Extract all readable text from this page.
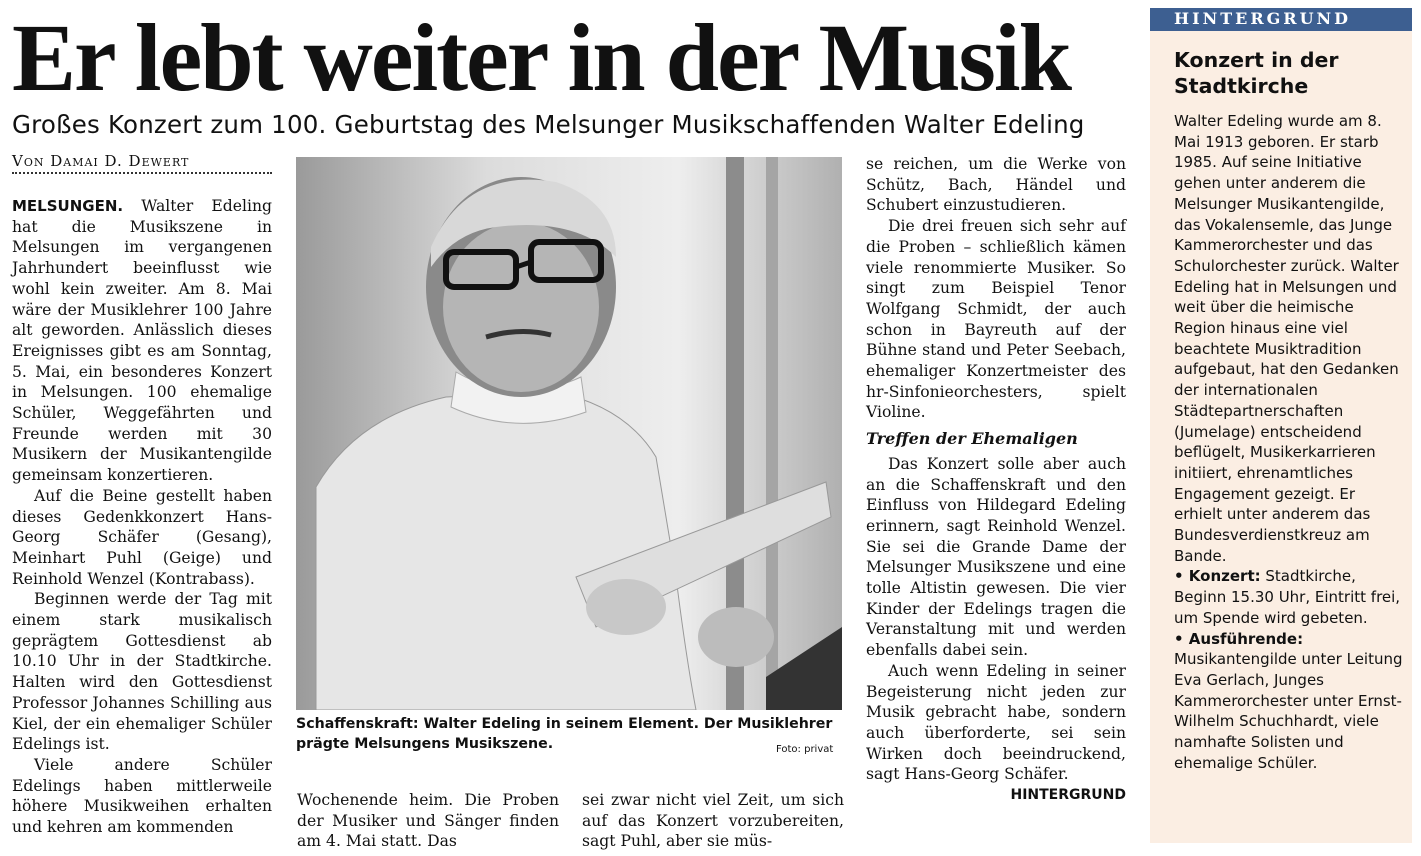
Er lebt weiter in der Musik
Großes Konzert zum 100. Geburtstag des Melsunger Musikschaffenden Walter Edeling
Von Damai D. Dewert

MELSUNGEN. Walter Edeling hat die Musikszene in Melsungen im vergangenen Jahrhundert beeinflusst wie wohl kein zweiter. Am 8. Mai wäre der Musiklehrer 100 Jahre alt geworden. Anlässlich dieses Ereignisses gibt es am Sonntag, 5. Mai, ein besonderes Konzert in Melsungen. 100 ehemalige Schüler, Weggefährten und Freunde werden mit 30 Musikern der Musikantengilde gemeinsam konzertieren.

Auf die Beine gestellt haben dieses Gedenkkonzert Hans-Georg Schäfer (Gesang), Meinhart Puhl (Geige) und Reinhold Wenzel (Kontrabass).

Beginnen werde der Tag mit einem stark musikalisch geprägtem Gottesdienst ab 10.10 Uhr in der Stadtkirche. Halten wird den Gottesdienst Professor Johannes Schilling aus Kiel, der ein ehemaliger Schüler Edelings ist.

Viele andere Schüler Edelings haben mittlerweile höhere Musikweihen erhalten und kehren am kommenden

Schaffenskraft: Walter Edeling in seinem Element. Der Musiklehrer prägte Melsungens Musikszene.	Foto: privat

Wochenende heim. Die Proben der Musiker und Sänger finden am 4. Mai statt. Das

sei zwar nicht viel Zeit, um sich auf das Konzert vorzubereiten, sagt Puhl, aber sie müs-

se reichen, um die Werke von Schütz, Bach, Händel und Schubert einzustudieren.

Die drei freuen sich sehr auf die Proben – schließlich kämen viele renommierte Musiker. So singt zum Beispiel Tenor Wolfgang Schmidt, der auch schon in Bayreuth auf der Bühne stand und Peter Seebach, ehemaliger Konzertmeister des hr-Sinfonieorchesters, spielt Violine.

Treffen der Ehemaligen

Das Konzert solle aber auch an die Schaffenskraft und den Einfluss von Hildegard Edeling erinnern, sagt Reinhold Wenzel. Sie sei die Grande Dame der Melsunger Musikszene und eine tolle Altistin gewesen. Die vier Kinder der Edelings tragen die Veranstaltung mit und werden ebenfalls dabei sein.

Auch wenn Edeling in seiner Begeisterung nicht jeden zur Musik gebracht habe, sondern auch überforderte, sei sein Wirken doch beeindruckend, sagt Hans-Georg Schäfer.
HINTERGRUND

HINTERGRUND
Konzert in der Stadtkirche

Walter Edeling wurde am 8. Mai 1913 geboren. Er starb 1985. Auf seine Initiative gehen unter anderem die Melsunger Musikantengilde, das Vokalensemle, das Junge Kammerorchester und das Schulorchester zurück. Walter Edeling hat in Melsungen und weit über die heimische Region hinaus eine viel beachtete Musiktradition aufgebaut, hat den Gedanken der internationalen Städtepartnerschaften (Jumelage) entscheidend beflügelt, Musikerkarrieren initiiert, ehrenamtliches Engagement gezeigt. Er erhielt unter anderem das Bundesverdienstkreuz am Bande.

• Konzert: Stadtkirche, Beginn 15.30 Uhr, Eintritt frei, um Spende wird gebeten.

• Ausführende: Musikantengilde unter Leitung Eva Gerlach, Junges Kammerorchester unter Ernst-Wilhelm Schuchhardt, viele namhafte Solisten und ehemalige Schüler.
